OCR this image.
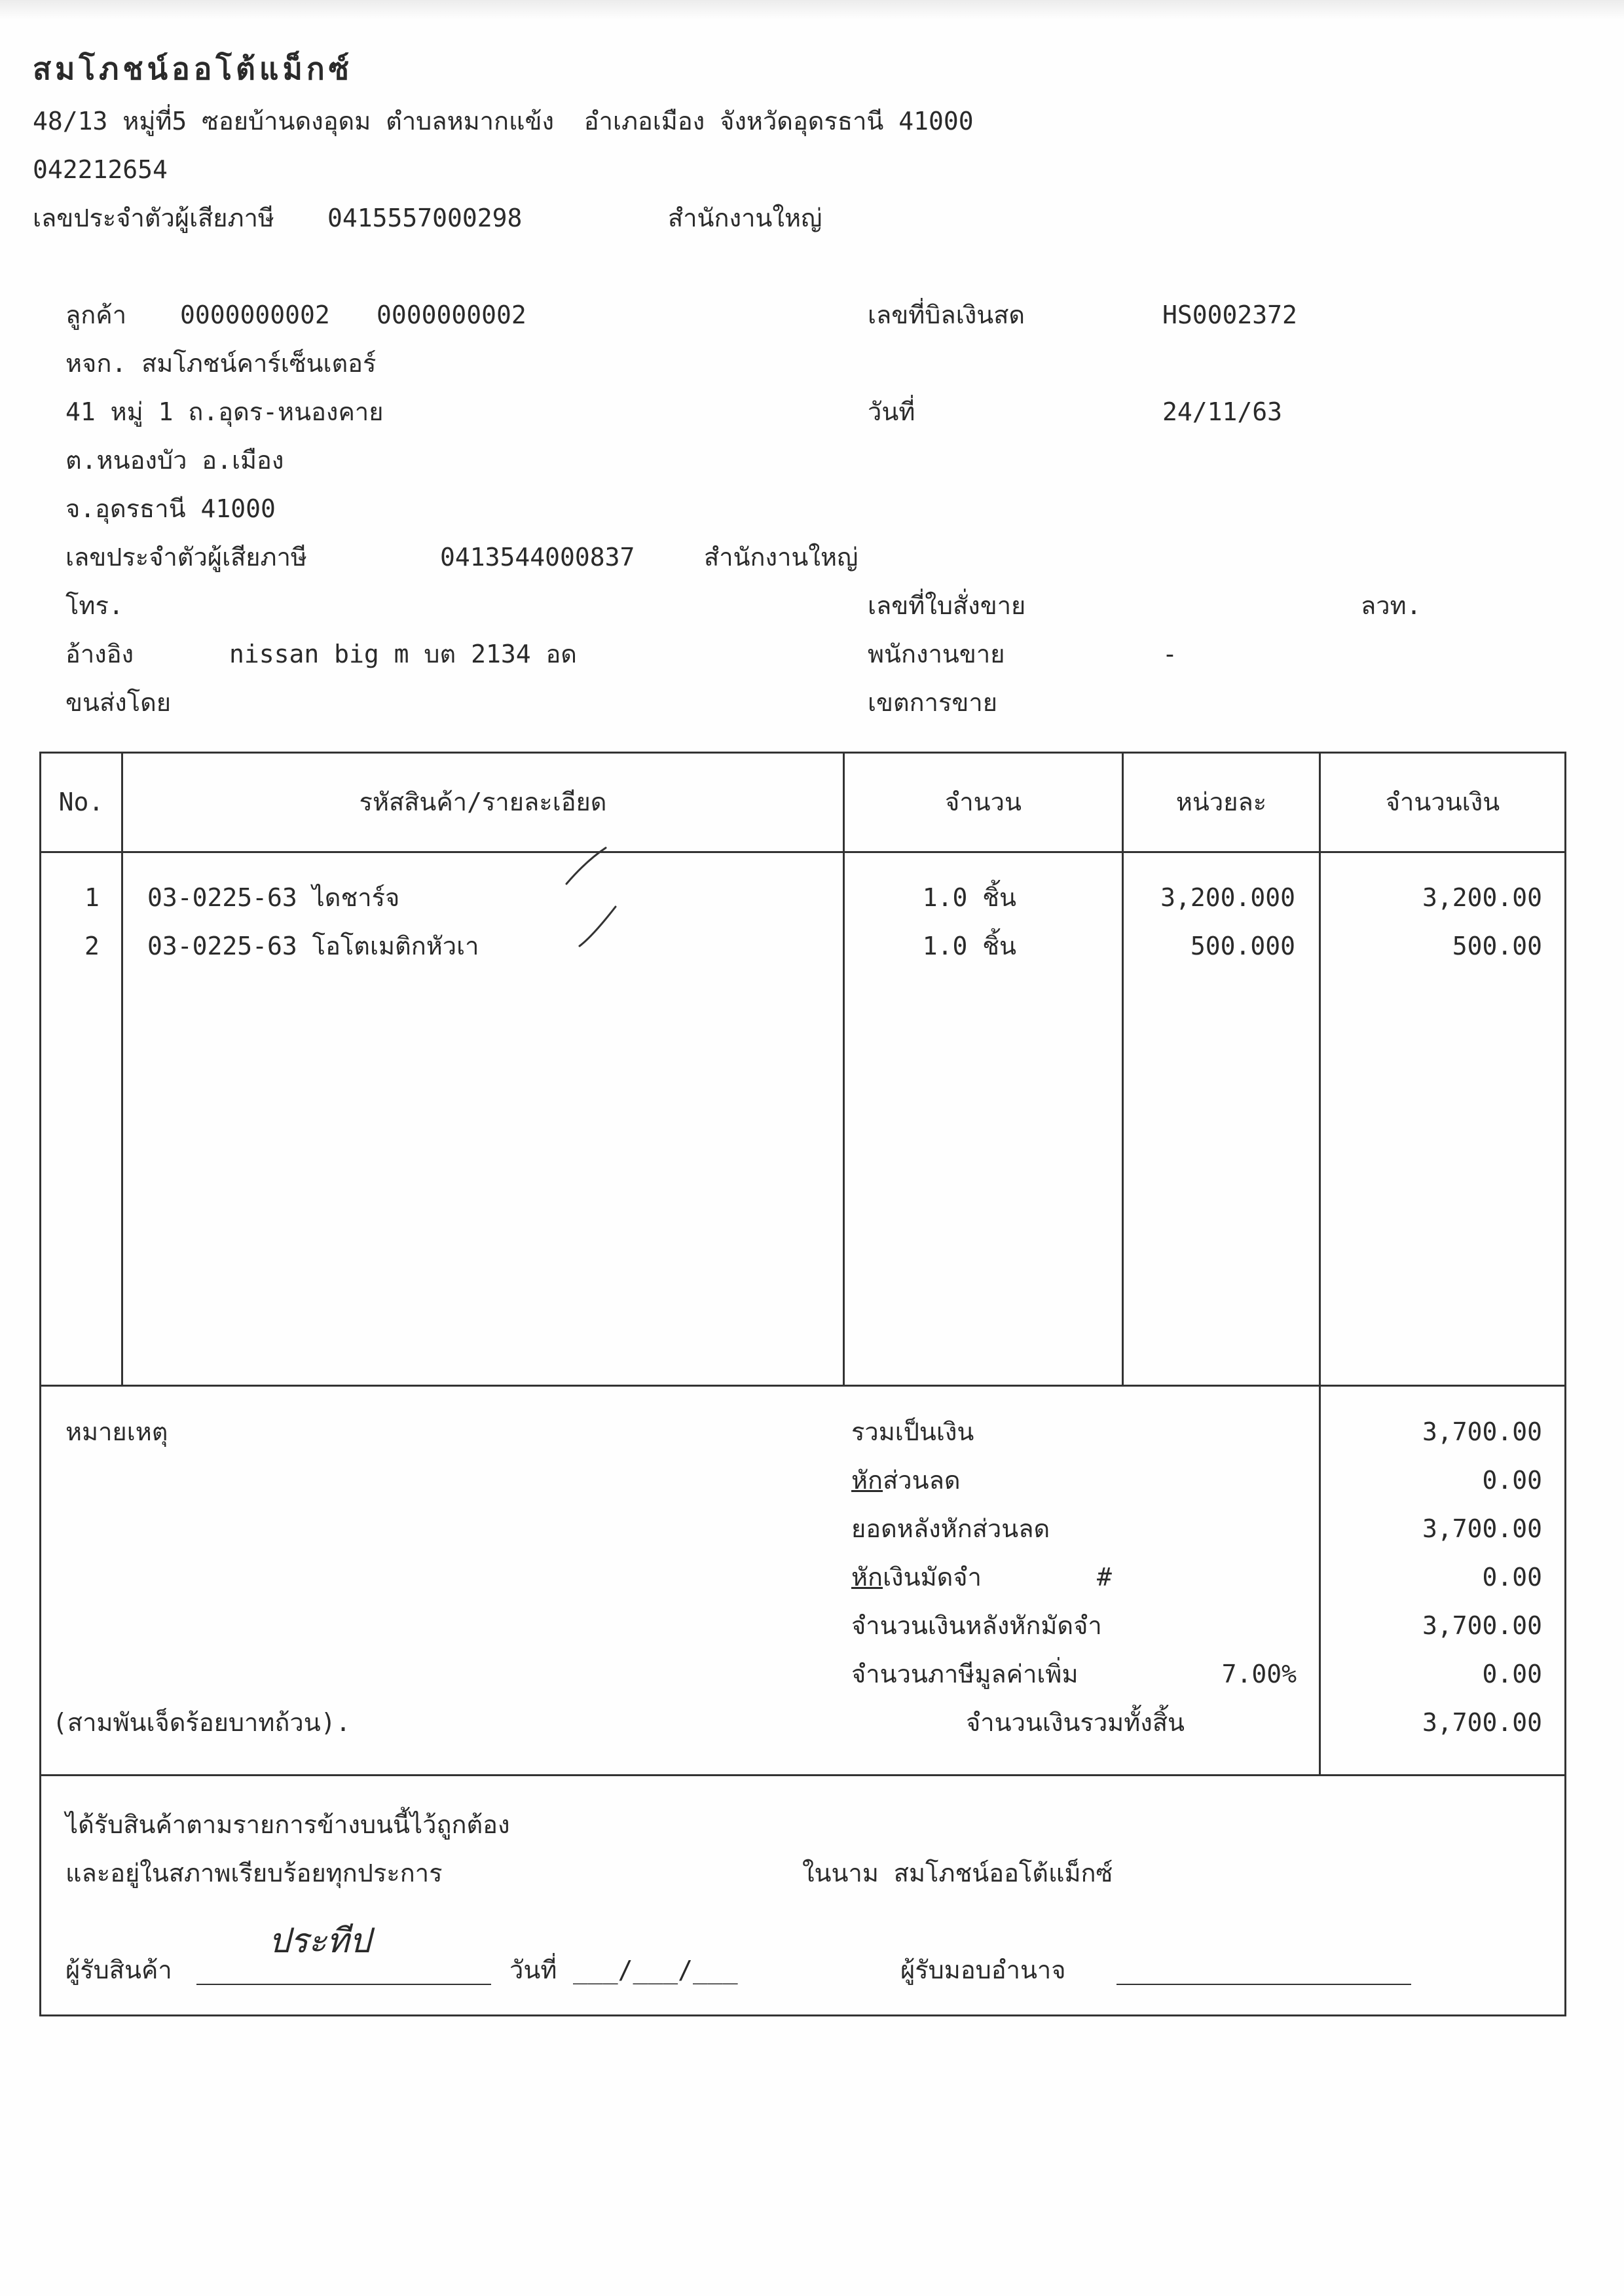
สมโภชน์ออโต้แม็กซ์
48/13 หมู่ที่5 ซอยบ้านดงอุดม ตำบลหมากแข้ง  อำเภอเมือง จังหวัดอุดรธานี 41000
042212654
เลขประจำตัวผู้เสียภาษี 0415557000298	สำนักงานใหญ่
ลูกค้า 0000000002 0000000002
หจก. สมโภชน์คาร์เซ็นเตอร์
41 หมู่ 1 ถ.อุดร-หนองคาย
ต.หนองบัว อ.เมือง
จ.อุดรธานี 41000
เลขประจำตัวผู้เสียภาษี	0413544000837	สำนักงานใหญ่
โทร.
อ้างอิง	nissan big m บต 2134 อด
ขนส่งโดย
เลขที่บิลเงินสด	HS0002372
วันที่	24/11/63
เลขที่ใบสั่งขาย	ลวท.
พนักงานขาย	-
เขตการขาย
No.	รหัสสินค้า/รายละเอียด	จำนวน	หน่วยละ	จำนวนเงิน
1	03-0225-63 ไดชาร์จ	1.0 ชิ้น	3,200.000	3,200.00
2	03-0225-63 โอโตเมติกหัวเา	1.0 ชิ้น	500.000	500.00
หมายเหตุ	รวมเป็นเงิน	3,700.00
หักส่วนลด	0.00
ยอดหลังหักส่วนลด	3,700.00
หักเงินมัดจำ	#	0.00
จำนวนเงินหลังหักมัดจำ	3,700.00
จำนวนภาษีมูลค่าเพิ่ม	7.00%	0.00
(สามพันเจ็ดร้อยบาทถ้วน).	จำนวนเงินรวมทั้งสิ้น	3,700.00
ได้รับสินค้าตามรายการข้างบนนี้ไว้ถูกต้อง
และอยู่ในสภาพเรียบร้อยทุกประการ	ในนาม สมโภชน์ออโต้แม็กซ์
ผู้รับสินค้า
ประทีป
วันที่ ___/___/___	ผู้รับมอบอำนาจ
